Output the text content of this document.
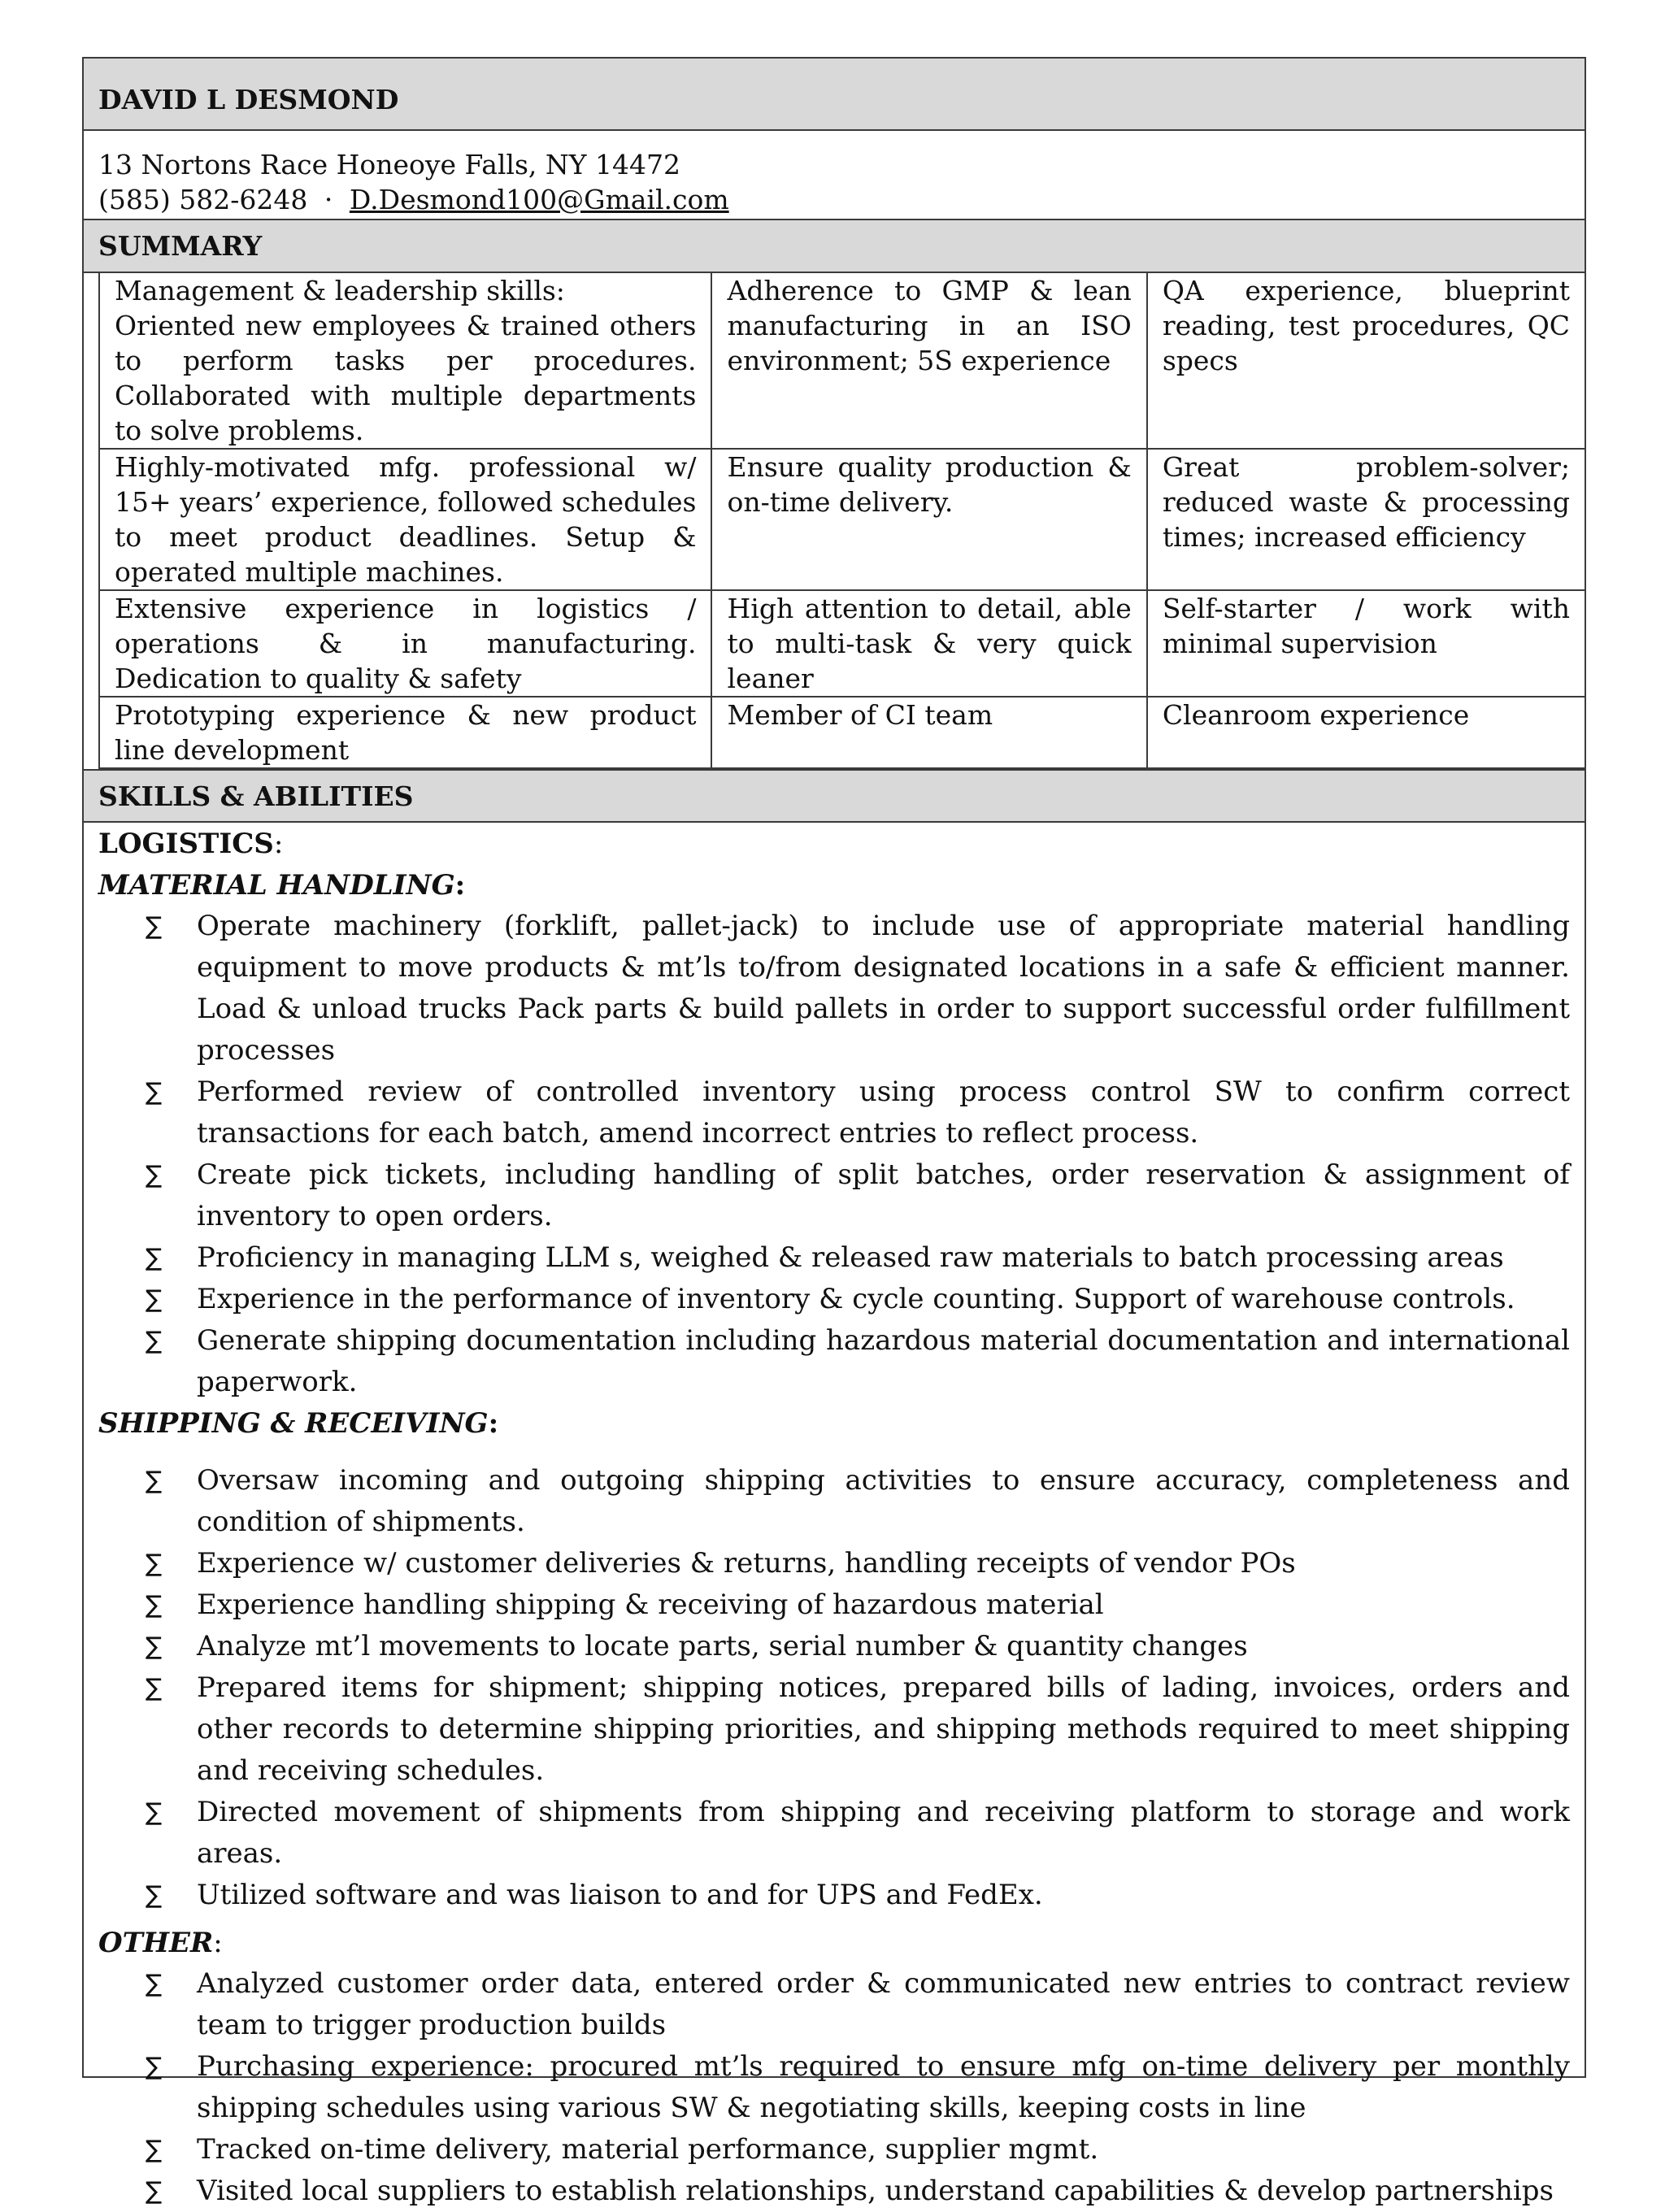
DAVID L DESMOND
13 Nortons Race Honeoye Falls, NY 14472
(585) 582-6248 · D.Desmond100@Gmail.com
SUMMARY
Management & leadership skills:
Oriented new employees & trained others to perform tasks per procedures. Collaborated with multiple departments to solve problems.	Adherence to GMP & lean manufacturing in an ISO environment; 5S experience	QA experience, blueprint reading, test procedures, QC specs

Highly-motivated mfg. professional w/ 15+ years’ experience, followed schedules to meet product deadlines. Setup & operated multiple machines.	Ensure quality production & on-time delivery.	Great problem-solver; reduced waste & processing times; increased efficiency

Extensive experience in logistics / operations & in manufacturing. Dedication to quality & safety	High attention to detail, able to multi-task & very quick leaner	Self-starter / work with minimal supervision

Prototyping experience & new product line development	Member of CI team	Cleanroom experience
SKILLS & ABILITIES
LOGISTICS:
MATERIAL HANDLING:
∑ Operate machinery (forklift, pallet-jack) to include use of appropriate material handling equipment to move products & mt’ls to/from designated locations in a safe & efficient manner. Load & unload trucks Pack parts & build pallets in order to support successful order fulfillment processes
∑ Performed review of controlled inventory using process control SW to confirm correct transactions for each batch, amend incorrect entries to reflect process.
∑ Create pick tickets, including handling of split batches, order reservation & assignment of inventory to open orders.
∑ Proficiency in managing LLM s, weighed & released raw materials to batch processing areas
∑ Experience in the performance of inventory & cycle counting. Support of warehouse controls.
∑ Generate shipping documentation including hazardous material documentation and international paperwork.
SHIPPING & RECEIVING:
∑ Oversaw incoming and outgoing shipping activities to ensure accuracy, completeness and condition of shipments.
∑ Experience w/ customer deliveries & returns, handling receipts of vendor POs
∑ Experience handling shipping & receiving of hazardous material
∑ Analyze mt’l movements to locate parts, serial number & quantity changes
∑ Prepared items for shipment; shipping notices, prepared bills of lading, invoices, orders and other records to determine shipping priorities, and shipping methods required to meet shipping and receiving schedules.
∑ Directed movement of shipments from shipping and receiving platform to storage and work areas.
∑ Utilized software and was liaison to and for UPS and FedEx.
OTHER:
∑ Analyzed customer order data, entered order & communicated new entries to contract review team to trigger production builds
∑ Purchasing experience: procured mt’ls required to ensure mfg on-time delivery per monthly shipping schedules using various SW & negotiating skills, keeping costs in line
∑ Tracked on-time delivery, material performance, supplier mgmt.
∑ Visited local suppliers to establish relationships, understand capabilities & develop partnerships
